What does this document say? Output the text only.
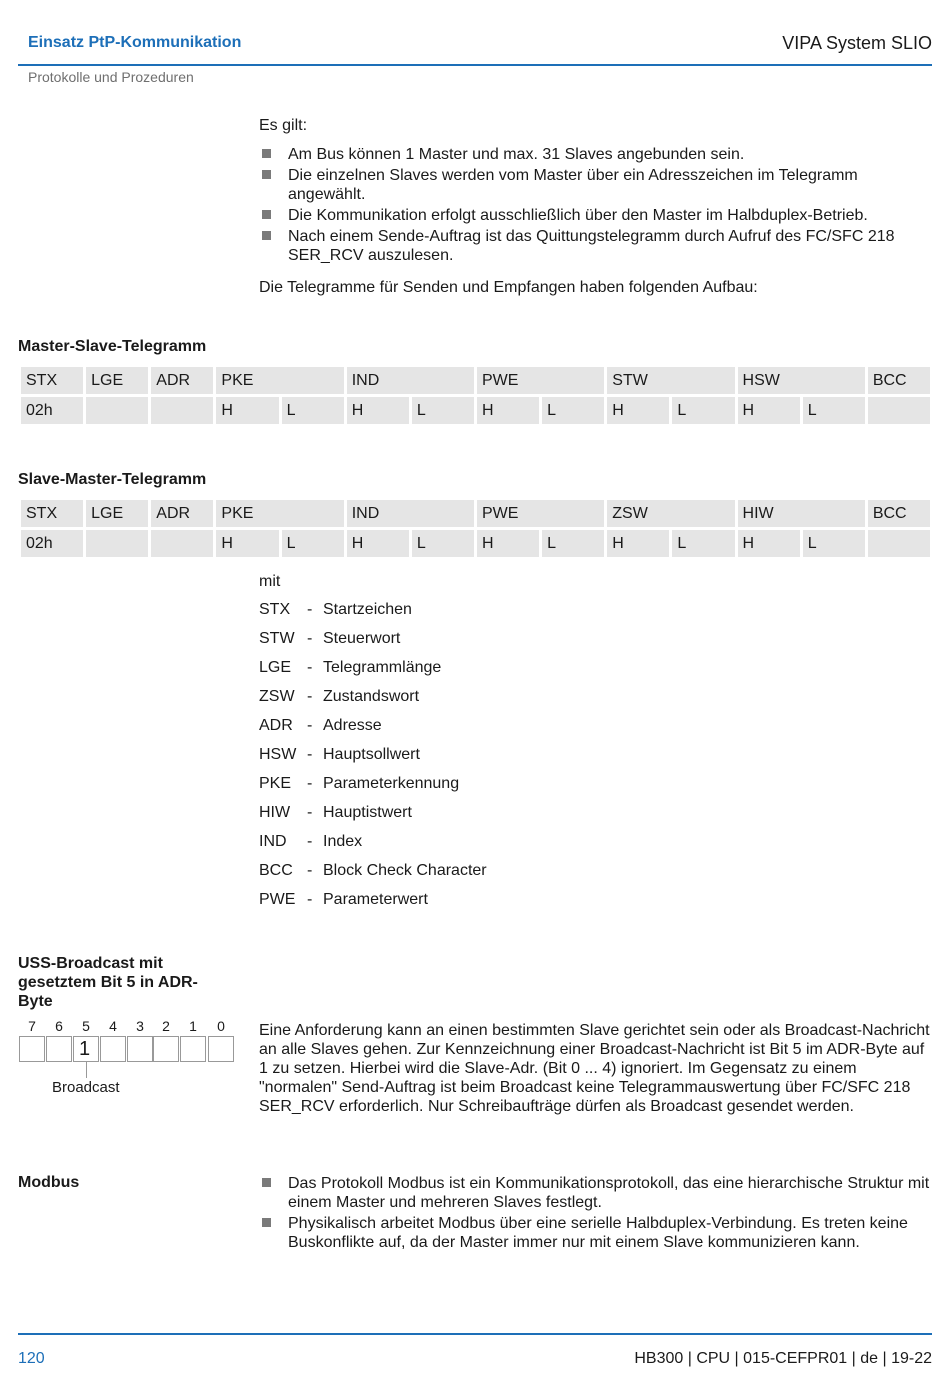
Einsatz PtP-Kommunikation	VIPA System SLIO
Protokolle und Prozeduren
Es gilt:
Am Bus können 1 Master und max. 31 Slaves angebunden sein.
Die einzelnen Slaves werden vom Master über ein Adresszeichen im Telegramm angewählt.
Die Kommunikation erfolgt ausschließlich über den Master im Halbduplex-Betrieb.
Nach einem Sende-Auftrag ist das Quittungstelegramm durch Aufruf des FC/SFC 218 SER_RCV auszulesen.
Die Telegramme für Senden und Empfangen haben folgenden Aufbau:
Master-Slave-Telegramm
STX	LGE	ADR	PKE		IND		PWE		STW		HSW		BCC
02h			H	L	H	L	H	L	H	L	H	L	
Slave-Master-Telegramm
STX	LGE	ADR	PKE		IND		PWE		ZSW		HIW		BCC
02h			H	L	H	L	H	L	H	L	H	L	
mit
STX	- Startzeichen
STW - Steuerwort
LGE - Telegrammlänge
ZSW - Zustandswort
ADR - Adresse
HSW - Hauptsollwert
PKE - Parameterkennung
HIW	- Hauptistwert
IND	- Index
BCC - Block Check Character
PWE - Parameterwert
USS-Broadcast mit gesetztem Bit 5 in ADR-Byte
7	6	5	4	3	2	1	0
1
Broadcast
Eine Anforderung kann an einen bestimmten Slave gerichtet sein oder als Broadcast-Nachricht an alle Slaves gehen. Zur Kennzeichnung einer Broadcast-Nachricht ist Bit 5 im ADR-Byte auf 1 zu setzen. Hierbei wird die Slave-Adr. (Bit 0 ... 4) ignoriert. Im Gegensatz zu einem "normalen" Send-Auftrag ist beim Broadcast keine Telegrammauswertung über FC/SFC 218 SER_RCV erforderlich. Nur Schreibaufträge dürfen als Broadcast gesendet werden.
Modbus	Das Protokoll Modbus ist ein Kommunikationsprotokoll, das eine hierarchische Struktur mit einem Master und mehreren Slaves festlegt.
Physikalisch arbeitet Modbus über eine serielle Halbduplex-Verbindung. Es treten keine Buskonflikte auf, da der Master immer nur mit einem Slave kommunizieren kann.
120	HB300 | CPU | 015-CEFPR01 | de | 19-22
